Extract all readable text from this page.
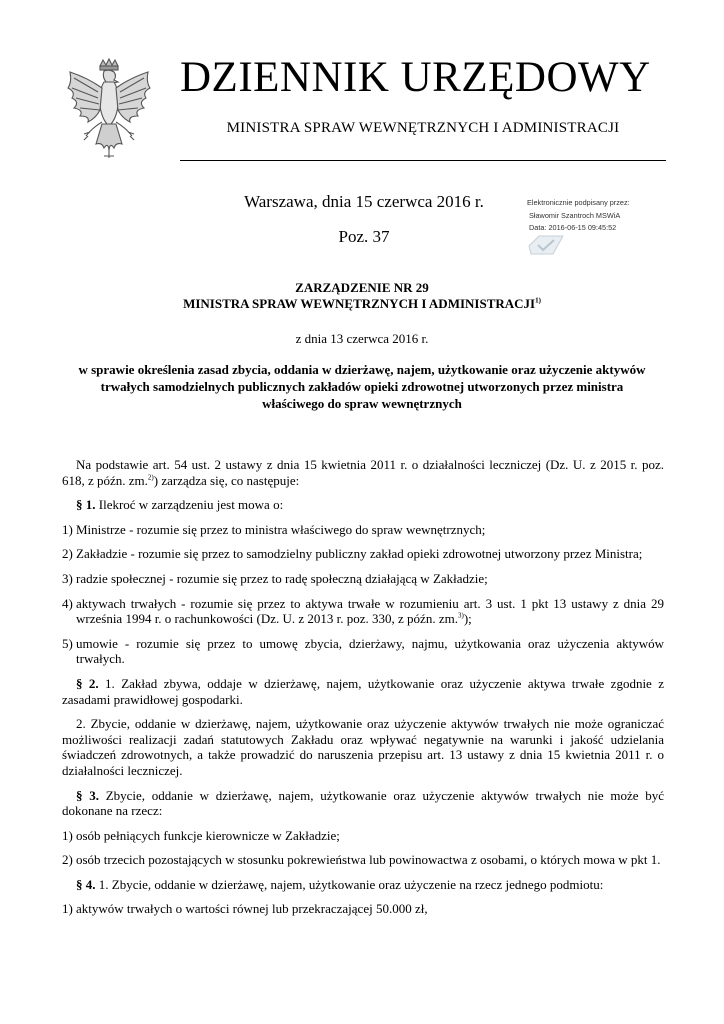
DZIENNIK URZĘDOWY
MINISTRA SPRAW WEWNĘTRZNYCH I ADMINISTRACJI
Warszawa, dnia 15 czerwca 2016 r.
Poz. 37
Elektronicznie podpisany przez:
Sławomir Szantroch MSWiA
Data: 2016-06-15 09:45:52
ZARZĄDZENIE NR 29
MINISTRA SPRAW WEWNĘTRZNYCH I ADMINISTRACJI$^{1)}$
z dnia 13 czerwca 2016 r.
w sprawie określenia zasad zbycia, oddania w dzierżawę, najem, użytkowanie oraz użyczenie aktywów
trwałych samodzielnych publicznych zakładów opieki zdrowotnej utworzonych przez ministra
właściwego do spraw wewnętrznych

Na podstawie art. 54 ust. 2 ustawy z dnia 15 kwietnia 2011 r. o działalności leczniczej (Dz. U. z 2015 r. poz. 618, z późn. zm.$^{2)}$) zarządza się, co następuje:

§ 1. Ilekroć w zarządzeniu jest mowa o:

1) Ministrze - rozumie się przez to ministra właściwego do spraw wewnętrznych;
2) Zakładzie - rozumie się przez to samodzielny publiczny zakład opieki zdrowotnej utworzony przez Ministra;
3) radzie społecznej - rozumie się przez to radę społeczną działającą w Zakładzie;
4) aktywach trwałych - rozumie się przez to aktywa trwałe w rozumieniu art. 3 ust. 1 pkt 13 ustawy z dnia 29 września 1994 r. o rachunkowości (Dz. U. z 2013 r. poz. 330, z późn. zm.$^{3)}$);
5) umowie - rozumie się przez to umowę zbycia, dzierżawy, najmu, użytkowania oraz użyczenia aktywów trwałych.

§ 2. 1. Zakład zbywa, oddaje w dzierżawę, najem, użytkowanie oraz użyczenie aktywa trwałe zgodnie z zasadami prawidłowej gospodarki.

2. Zbycie, oddanie w dzierżawę, najem, użytkowanie oraz użyczenie aktywów trwałych nie może ograniczać możliwości realizacji zadań statutowych Zakładu oraz wpływać negatywnie na warunki i jakość udzielania świadczeń zdrowotnych, a także prowadzić do naruszenia przepisu art. 13 ustawy z dnia 15 kwietnia 2011 r. o działalności leczniczej.

§ 3. Zbycie, oddanie w dzierżawę, najem, użytkowanie oraz użyczenie aktywów trwałych nie może być dokonane na rzecz:

1) osób pełniących funkcje kierownicze w Zakładzie;
2) osób trzecich pozostających w stosunku pokrewieństwa lub powinowactwa z osobami, o których mowa w pkt 1.

§ 4. 1. Zbycie, oddanie w dzierżawę, najem, użytkowanie oraz użyczenie na rzecz jednego podmiotu:

1) aktywów trwałych o wartości równej lub przekraczającej 50.000 zł,
